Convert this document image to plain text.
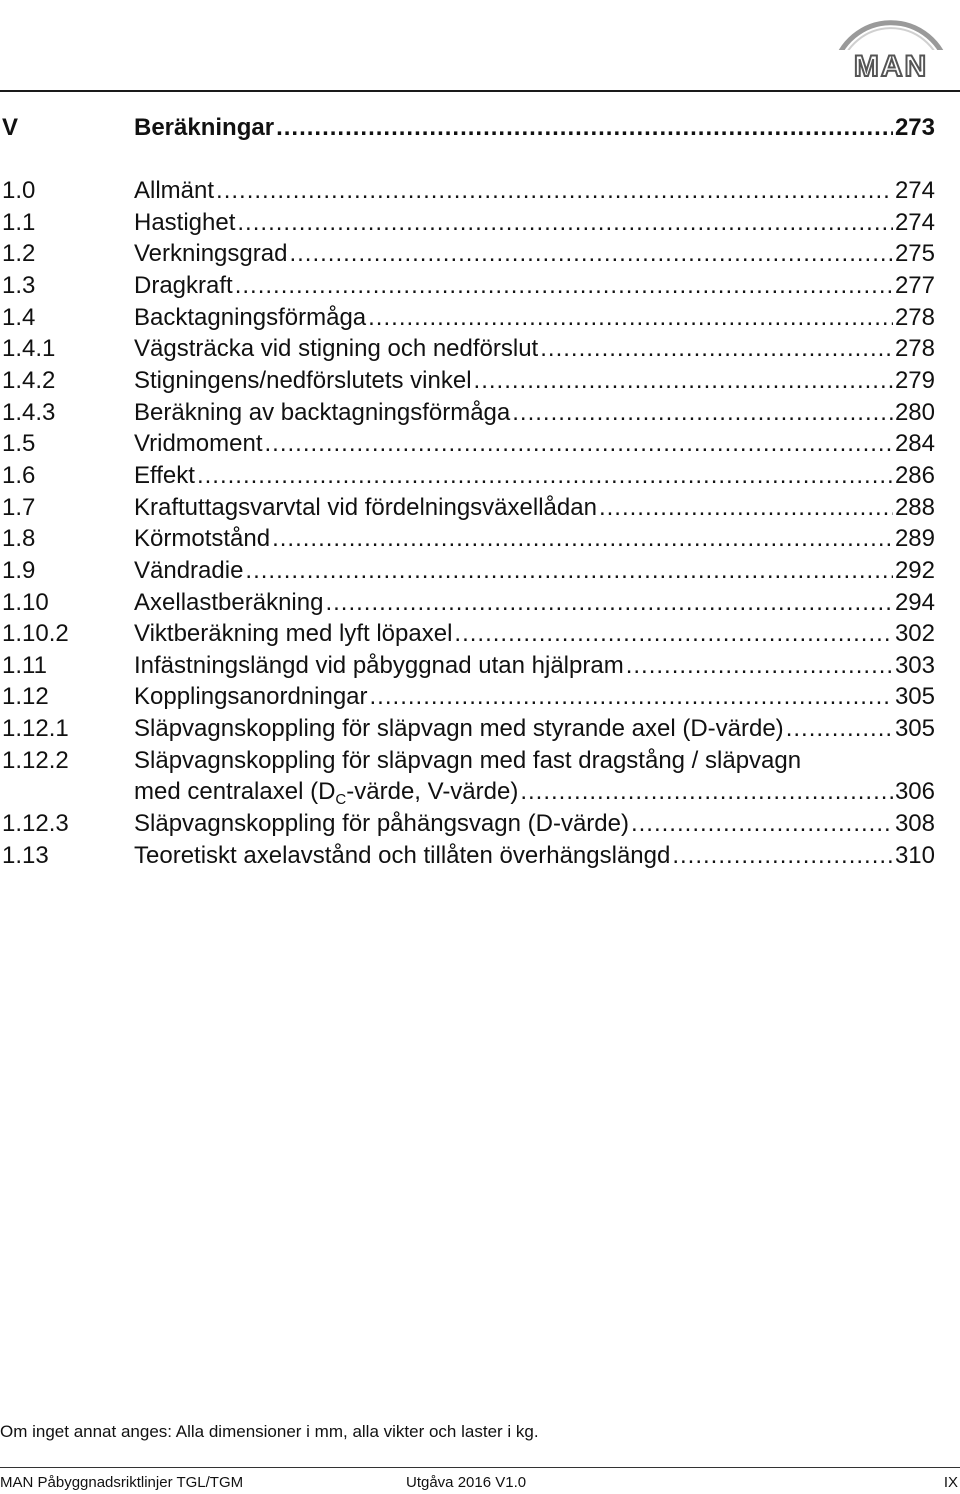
MAN
V	Beräkningar .....	273
1.0	Allmänt .....	274
1.1	Hastighet .....	274
1.2	Verkningsgrad .....	275
1.3	Dragkraft .....	277
1.4	Backtagningsförmåga .....	278
1.4.1	Vägsträcka vid stigning och nedförslut .....	278
1.4.2	Stigningens/nedförslutets vinkel .....	279
1.4.3	Beräkning av backtagningsförmåga .....	280
1.5	Vridmoment .....	284
1.6	Effekt .....	286
1.7	Kraftuttagsvarvtal vid fördelningsväxellådan .....	288
1.8	Körmotstånd .....	289
1.9	Vändradie .....	292
1.10	Axellastberäkning .....	294
1.10.2	Viktberäkning med lyft löpaxel .....	302
1.11	Infästningslängd vid påbyggnad utan hjälpram .....	303
1.12	Kopplingsanordningar .....	305
1.12.1	Släpvagnskoppling för släpvagn med styrande axel (D-värde) .....	305
1.12.2	Släpvagnskoppling för släpvagn med fast dragstång / släpvagn
med centralaxel ($D_C$-värde, V-värde) .....	306
1.12.3	Släpvagnskoppling för påhängsvagn (D-värde) .....	308
1.13	Teoretiskt axelavstånd och tillåten överhängslängd .....	310
Om inget annat anges: Alla dimensioner i mm, alla vikter och laster i kg.
MAN Påbyggnadsriktlinjer TGL/TGM	Utgåva 2016 V1.0	IX
